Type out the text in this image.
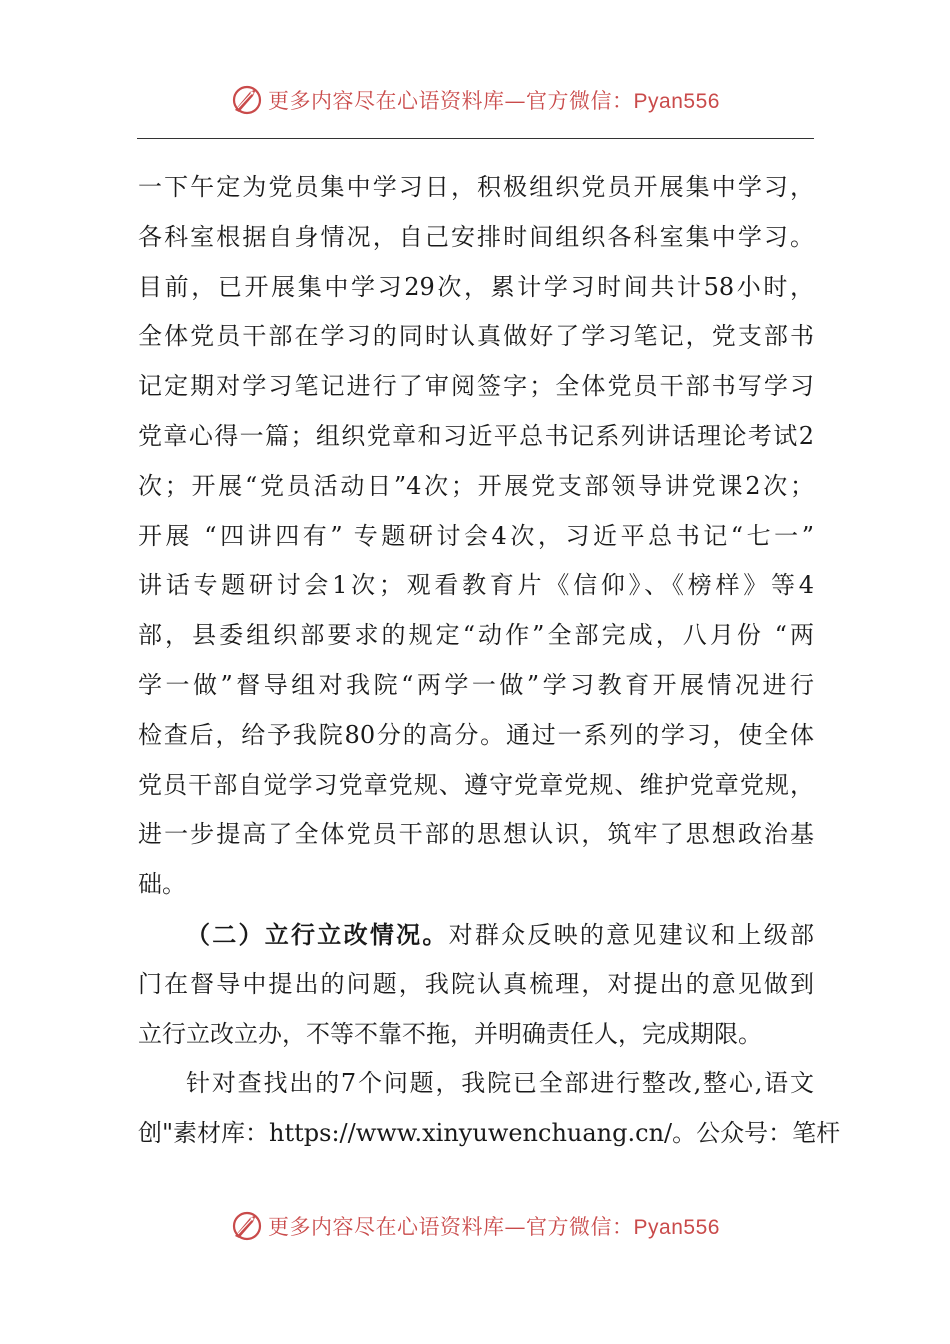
更多内容尽在心语资料库—官方微信：Pyan556
一下午定为党员集中学习日，积极组织党员开展集中学习，
各科室根据自身情况，自己安排时间组织各科室集中学习。
目前，已开展集中学习29次，累计学习时间共计58小时，
全体党员干部在学习的同时认真做好了学习笔记，党支部书
记定期对学习笔记进行了审阅签字；全体党员干部书写学习
党章心得一篇；组织党章和习近平总书记系列讲话理论考试2
次；开展“党员活动日”4次；开展党支部领导讲党课2次；
开展 “四讲四有” 专题研讨会4次，习近平总书记“七一”
讲话专题研讨会1次；观看教育片《信仰》、《榜样》等4
部，县委组织部要求的规定“动作”全部完成，八月份 “两
学一做”督导组对我院“两学一做”学习教育开展情况进行
检查后，给予我院80分的高分。通过一系列的学习，使全体
党员干部自觉学习党章党规、遵守党章党规、维护党章党规，
进一步提高了全体党员干部的思想认识，筑牢了思想政治基
础。
（二）立行立改情况。对群众反映的意见建议和上级部
门在督导中提出的问题，我院认真梳理，对提出的意见做到
立行立改立办，不等不靠不拖，并明确责任人，完成期限。
针对查找出的7个问题，我院已全部进行整改,整心,语文
创"素材库：https://www.xinyuwenchuang.cn/。公众号：笔杆
更多内容尽在心语资料库—官方微信：Pyan556
